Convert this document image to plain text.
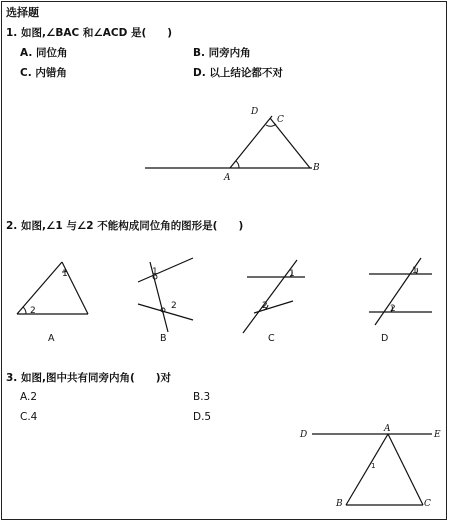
选择题
1. 如图,∠BAC 和∠ACD 是(　　)
A. 同位角	B. 同旁内角
C. 内错角	D. 以上结论都不对
D
C
A
B
2. 如图,∠1 与∠2 不能构成同位角的图形是(　　)
1
2
1
2
1
2
1
2
A	B	C	D
3. 如图,图中共有同旁内角(　　)对
A.2	B.3
C.4	D.5
D
A
E
B	C
1
